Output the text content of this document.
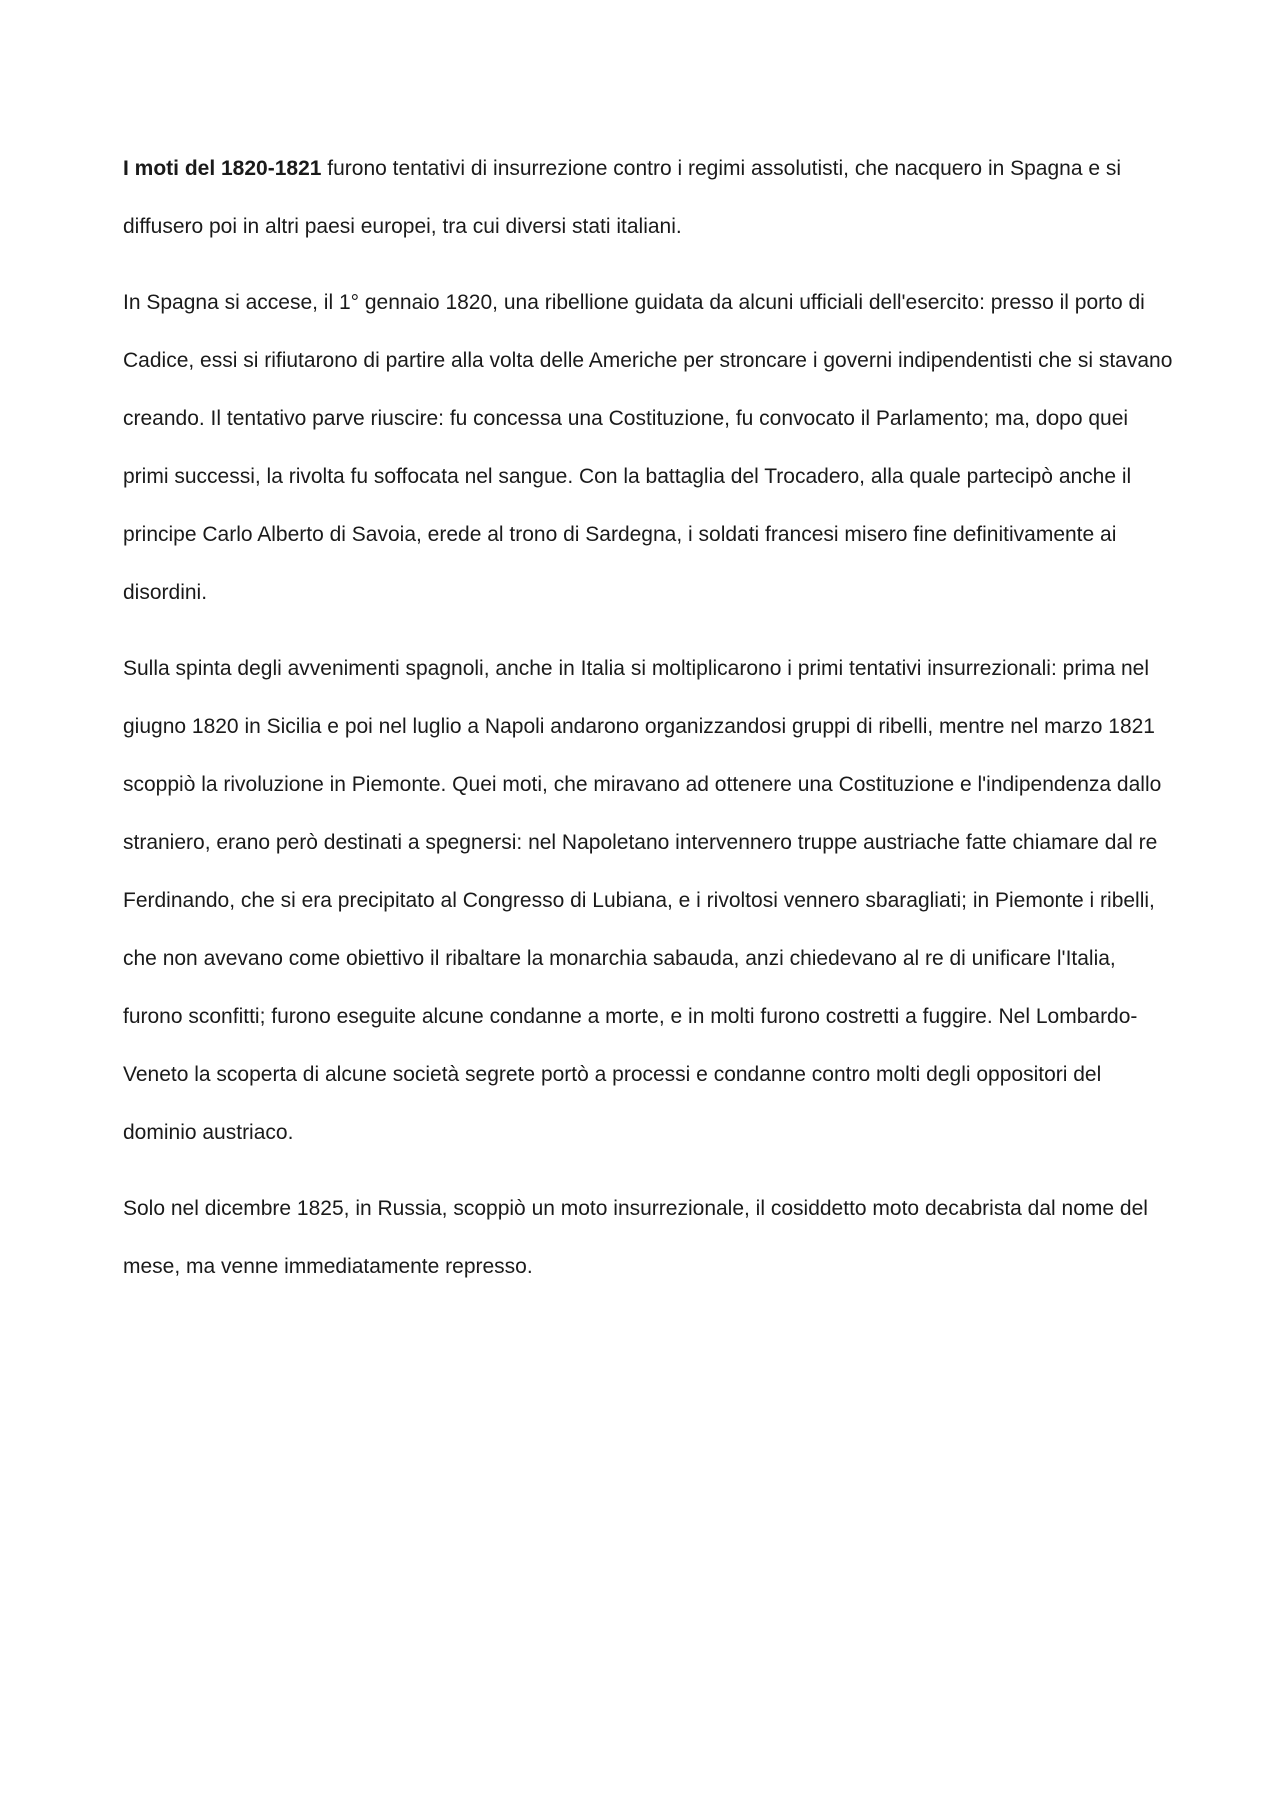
I moti del 1820-1821 furono tentativi di insurrezione contro i regimi assolutisti, che nacquero in Spagna e si diffusero poi in altri paesi europei, tra cui diversi stati italiani.

In Spagna si accese, il 1° gennaio 1820, una ribellione guidata da alcuni ufficiali dell'esercito: presso il porto di Cadice, essi si rifiutarono di partire alla volta delle Americhe per stroncare i governi indipendentisti che si stavano creando. Il tentativo parve riuscire: fu concessa una Costituzione, fu convocato il Parlamento; ma, dopo quei primi successi, la rivolta fu soffocata nel sangue. Con la battaglia del Trocadero, alla quale partecipò anche il principe Carlo Alberto di Savoia, erede al trono di Sardegna, i soldati francesi misero fine definitivamente ai disordini.

Sulla spinta degli avvenimenti spagnoli, anche in Italia si moltiplicarono i primi tentativi insurrezionali: prima nel giugno 1820 in Sicilia e poi nel luglio a Napoli andarono organizzandosi gruppi di ribelli, mentre nel marzo 1821 scoppiò la rivoluzione in Piemonte. Quei moti, che miravano ad ottenere una Costituzione e l'indipendenza dallo straniero, erano però destinati a spegnersi: nel Napoletano intervennero truppe austriache fatte chiamare dal re Ferdinando, che si era precipitato al Congresso di Lubiana, e i rivoltosi vennero sbaragliati; in Piemonte i ribelli, che non avevano come obiettivo il ribaltare la monarchia sabauda, anzi chiedevano al re di unificare l'Italia, furono sconfitti; furono eseguite alcune condanne a morte, e in molti furono costretti a fuggire. Nel Lombardo-Veneto la scoperta di alcune società segrete portò a processi e condanne contro molti degli oppositori del dominio austriaco.

Solo nel dicembre 1825, in Russia, scoppiò un moto insurrezionale, il cosiddetto moto decabrista dal nome del mese, ma venne immediatamente represso.
